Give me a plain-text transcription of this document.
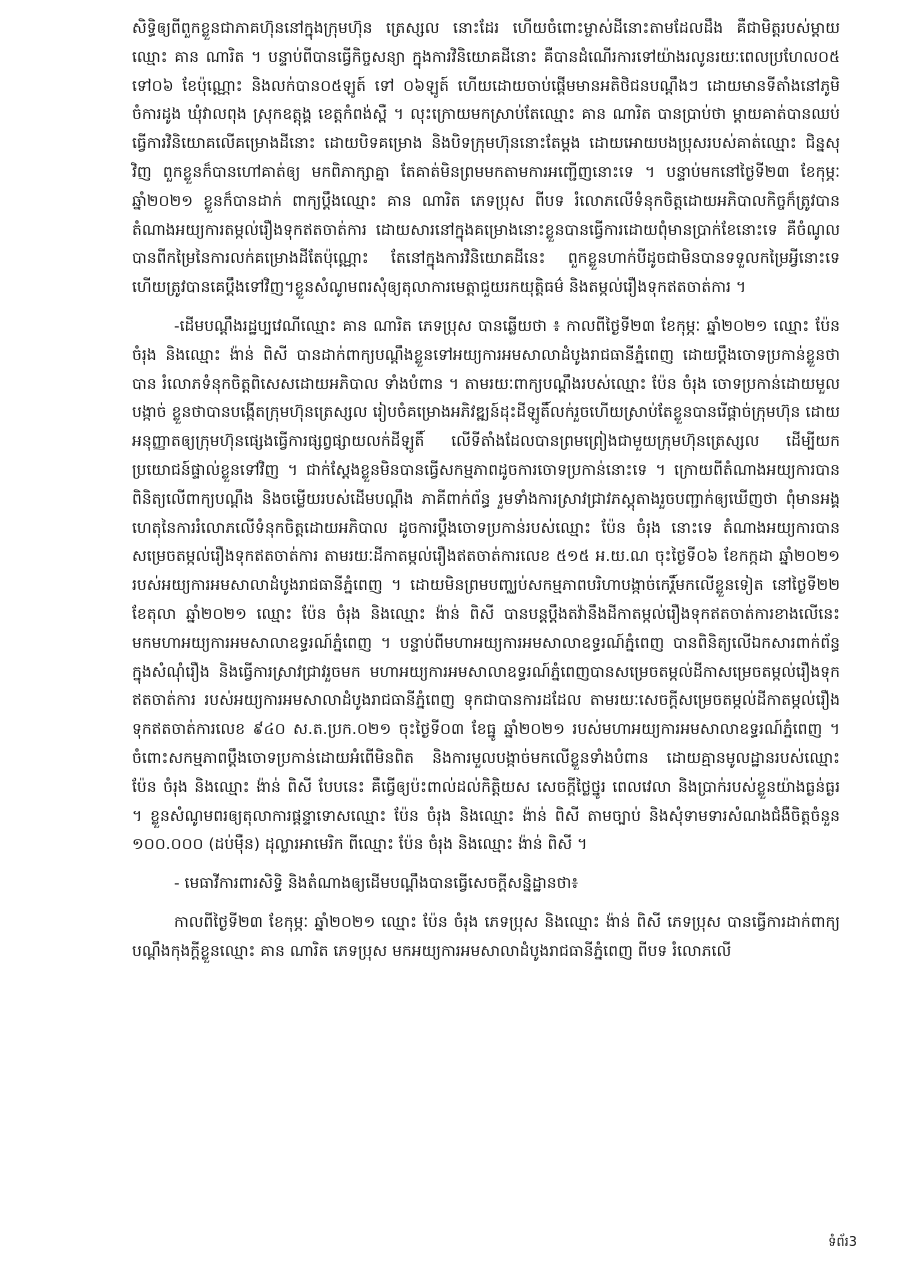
សិទ្ធិឲ្យពីពួកខ្លួនជាភាគហ៊ុននៅក្នុងក្រុមហ៊ុន ត្រេស្សល នោះដែរ ហើយចំពោះម្ចាស់ដីនោះតាមដែលដឹង គឺជាមិត្តរបស់ម្តាយឈ្មោះ គាន ណារិត ។ បន្ទាប់ពីបានធ្វើកិច្ចសន្យា ក្នុងការវិនិយោគដីនោះ គឺបានដំណើរការទៅយ៉ាងរលូនរយៈពេលប្រហែល០៥ ទៅ០៦ ខែប៉ុណ្ណោះ និងលក់បាន០៥ឡូត៍ ទៅ ០៦ឡូត៍ ហើយដោយចាប់ផ្តើមមានអតិថិជនបណ្តឹងៗ ដោយមានទីតាំងនៅភូមិចំការដូង ឃុំវាលពុង ស្រុកឧត្តុង្គ ខេត្តកំពង់ស្ពឺ ។ លុះក្រោយមកស្រាប់តែឈ្មោះ គាន ណារិត បានប្រាប់ថា ម្តាយគាត់បានឈប់ធ្វើការវិនិយោគលើគម្រោងដីនោះ ដោយបិទគម្រោង និងបិទក្រុមហ៊ុននោះតែម្តង ដោយអោយបងប្រុសរបស់គាត់ឈ្មោះ ជិន្នសុវិញ ពួកខ្លួនក៏បានហៅគាត់ឲ្យ មកពិភាក្សាគ្នា តែគាត់មិនព្រមមកតាមការអញ្ជើញនោះទេ ។ បន្ទាប់មកនៅថ្ងៃទី២៣ ខែកុម្ភៈ ឆ្នាំ២០២១ ខ្លួនក៏បានដាក់ ពាក្យប្តឹងឈ្មោះ គាន ណារិត ភេទប្រុស ពីបទ រំលោភលើទំនុកចិត្តដោយអភិបាលកិច្ចក៏ត្រូវបានតំណាងអយ្យការតម្កល់រឿងទុកឥតចាត់ការ ដោយសារនៅក្នុងគម្រោងនោះខ្លួនបានធ្វើការដោយពុំមានប្រាក់ខែនោះទេ គឺចំណូលបានពីកម្រៃនៃការលក់គម្រោងដីតែប៉ុណ្ណោះ តែនៅក្នុងការវិនិយោគដីនេះ ពួកខ្លួនហាក់បីដូចជាមិនបានទទួលកម្រៃអ្វីនោះទេ ហើយត្រូវបានគេប្តឹងទៅវិញ។ខ្លួនសំណូមពរសុំឲ្យតុលាការមេត្តាជួយរកយុត្តិធម៌ និងតម្កល់រឿងទុកឥតចាត់ការ ។

-ដើមបណ្តឹងរដ្ឋប្បវេណីឈ្មោះ គាន ណារិត ភេទប្រុស បានឆ្លើយថា ៖ កាលពីថ្ងៃទី២៣ ខែកុម្ភៈ ឆ្នាំ២០២១ ឈ្មោះ ប៉ែន ចំរុង និងឈ្មោះ ង៉ាន់ ពិសី បានដាក់ពាក្យបណ្តឹងខ្លួនទៅអយ្យការអមសាលាដំបូងរាជធានីភ្នំពេញ ដោយប្តឹងចោទប្រកាន់ខ្លួនថាបាន រំលោភទំនុកចិត្តពិសេសដោយអភិបាល ទាំងបំពាន ។ តាមរយៈពាក្យបណ្តឹងរបស់ឈ្មោះ ប៉ែន ចំរុង ចោទប្រកាន់ដោយមួលបង្កាច់ ខ្លួនថាបានបង្កើតក្រុមហ៊ុនត្រេស្សល រៀបចំគម្រោងអភិវឌ្ឍន៍ដុះដីឡូតិ៍លក់រួចហើយស្រាប់តែខ្លួនបានរើផ្តាច់ក្រុមហ៊ុន ដោយអនុញ្ញាតឲ្យក្រុមហ៊ុនផ្សេងធ្វើការផ្សព្វផ្សាយលក់ដីឡូតិ៍ លើទីតាំងដែលបានព្រមព្រៀងជាមួយក្រុមហ៊ុនត្រេស្សល ដើម្បីយកប្រយោជន៍ផ្ទាល់ខ្លួនទៅវិញ ។ ជាក់ស្តែងខ្លួនមិនបានធ្វើសកម្មភាពដូចការចោទប្រកាន់នោះទេ ។ ក្រោយពីតំណាងអយ្យការបានពិនិត្យលើពាក្យបណ្តឹង និងចម្លើយរបស់ដើមបណ្តឹង ភាគីពាក់ព័ន្ធ រួមទាំងការស្រាវជ្រាវភស្តុតាងរួចបញ្ជាក់ឲ្យឃើញថា ពុំមានអង្គហេតុនៃការរំលោភលើទំនុកចិត្តដោយអភិបាល ដូចការប្តឹងចោទប្រកាន់របស់ឈ្មោះ ប៉ែន ចំរុង នោះទេ តំណាងអយ្យការបានសម្រេចតម្កល់រឿងទុកឥតចាត់ការ តាមរយៈដីកាតម្កល់រឿងឥតចាត់ការលេខ ៥១៥ អ.យ.ណ ចុះថ្ងៃទី០៦ ខែកក្កដា ឆ្នាំ២០២១ របស់អយ្យការអមសាលាដំបូងរាជធានីភ្នំពេញ ។ ដោយមិនព្រមបញ្ឈប់សកម្មភាពបរិហាបង្កាច់កេរ្តិ៍មកលើខ្លួនទៀត នៅថ្ងៃទី២២ ខែតុលា ឆ្នាំ២០២១ ឈ្មោះ ប៉ែន ចំរុង និងឈ្មោះ ង៉ាន់ ពិសី បានបន្តប្តឹងតវ៉ានឹងដីកាតម្កល់រឿងទុកឥតចាត់ការខាងលើនេះ មកមហាអយ្យការអមសាលាឧទ្ធរណ៍ភ្នំពេញ ។ បន្ទាប់ពីមហាអយ្យការអមសាលាឧទ្ធរណ៍ភ្នំពេញ បានពិនិត្យលើឯកសារពាក់ព័ន្ធក្នុងសំណុំរឿង និងធ្វើការស្រាវជ្រាវរួចមក មហាអយ្យការអមសាលាឧទ្ធរណ៍ភ្នំពេញបានសម្រេចតម្កល់ដីកាសម្រេចតម្កល់រឿងទុកឥតចាត់ការ របស់អយ្យការអមសាលាដំបូងរាជធានីភ្នំពេញ ទុកជាបានការដដែល តាមរយៈសេចក្តីសម្រេចតម្កល់ដីកាតម្កល់រឿងទុកឥតចាត់ការលេខ ៩៤០ ស.ត.ប្រក.០២១ ចុះថ្ងៃទី០៣ ខែធ្នូ ឆ្នាំ២០២១ របស់មហាអយ្យការអមសាលាឧទ្ធរណ៍ភ្នំពេញ ។ ចំពោះសកម្មភាពប្តឹងចោទប្រកាន់ដោយអំពើមិនពិត និងការមួលបង្កាច់មកលើខ្លួនទាំងបំពាន ដោយគ្មានមូលដ្ឋានរបស់ឈ្មោះ ប៉ែន ចំរុង និងឈ្មោះ ង៉ាន់ ពិសី បែបនេះ គឺធ្វើឲ្យប៉ះពាល់ដល់កិត្តិយស សេចក្តីថ្លៃថ្នូរ ពេលវេលា និងប្រាក់របស់ខ្លួនយ៉ាងធ្ងន់ធ្ងរ ។ ខ្លួនសំណូមពរឲ្យតុលាការផ្តន្ទាទោសឈ្មោះ ប៉ែន ចំរុង និងឈ្មោះ ង៉ាន់ ពិសី តាមច្បាប់ និងសុំទាមទារសំណងជំងឺចិត្តចំនួន ១០០.០០០ (ដប់ម៉ឺន) ដុល្លារអាមេរិក ពីឈ្មោះ ប៉ែន ចំរុង និងឈ្មោះ ង៉ាន់ ពិសី ។

- មេធាវីការពារសិទ្ធិ និងតំណាងឲ្យដើមបណ្តឹងបានធ្វើសេចក្តីសន្និដ្ឋានថា៖

កាលពីថ្ងៃទី២៣ ខែកុម្ភៈ ឆ្នាំ២០២១ ឈ្មោះ ប៉ែន ចំរុង ភេទប្រុស និងឈ្មោះ ង៉ាន់ ពិសី ភេទប្រុស បានធ្វើការដាក់ពាក្យបណ្តឹងកុងក្តីខ្លួនឈ្មោះ គាន ណារិត ភេទប្រុស មកអយ្យការអមសាលាដំបូងរាជធានីភ្នំពេញ ពីបទ រំលោភលើ

ទំព័រ3
